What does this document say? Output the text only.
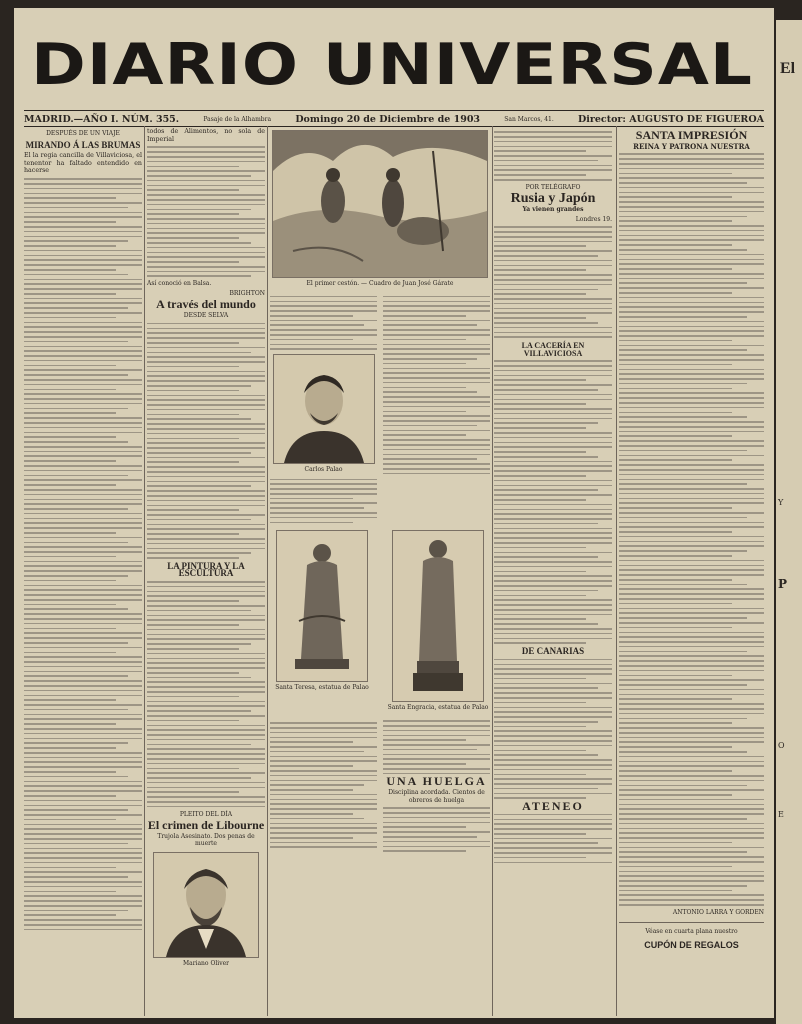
DIARIO UNIVERSAL
MADRID.—AÑO I. NÚM. 355.	Pasaje de la Alhambra	Domingo 20 de Diciembre de 1903	San Marcos, 41.	Director: AUGUSTO DE FIGUEROA
DESPUÉS DE UN VIAJE
MIRANDO Á LAS BRUMAS
El la regia cancilla de Villaviciosa, el tenentor ha faltado entendido en hacerse
todos de Alimentos, no sola de Imperial
Así conoció en Balsa.
BRIGHTON
A través del mundo
DESDE SELVA
LA PINTURA Y LA ESCULTURA
PLEITO DEL DÍA
El crimen de Libourne
Trujola Asesinato. Dos penas de muerte
Mariano Oliver
El primer cestón. — Cuadro de Juan José Gárate
Carlos Palao
Santa Teresa, estatua de Palao
Santa Engracia, estatua de Palao
UNA HUELGA
Disciplina acordada. Cientos de obreros de huelga
POR TELÉGRAFO
Rusia y Japón
Ya vienen grandes
Londres 19.
LA CACERÍA EN VILLAVICIOSA
DE CANARIAS
ATENEO
SANTA IMPRESIÓN
REINA Y PATRONA NUESTRA
ANTONIO LARRA Y GORDEN
Véase en cuarta plana nuestro
CUPÓN DE REGALOS
El
Y
P
O
E
